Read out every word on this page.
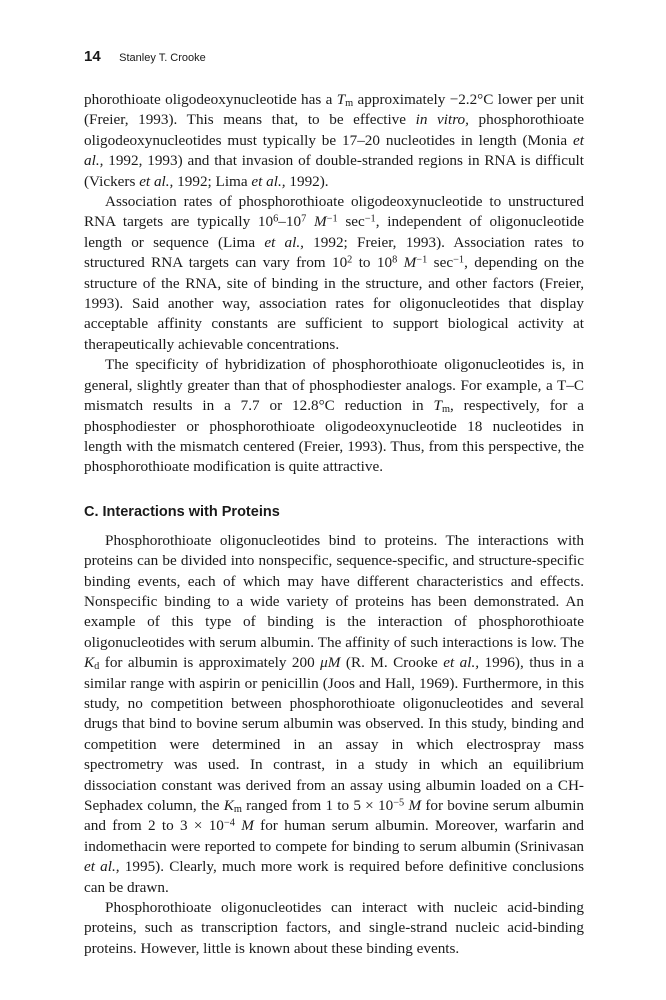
14 Stanley T. Crooke

phorothioate oligodeoxynucleotide has a $T_m$ approximately −2.2°C lower per unit (Freier, 1993). This means that, to be effective in vitro, phosphorothioate oligodeoxynucleotides must typically be 17–20 nucleotides in length (Monia et al., 1992, 1993) and that invasion of double-stranded regions in RNA is difficult (Vickers et al., 1992; Lima et al., 1992).

Association rates of phosphorothioate oligodeoxynucleotide to unstructured RNA targets are typically $10^6-10^7$ $M^{-1}$ $\sec^{-1}$, independent of oligonucleotide length or sequence (Lima et al., 1992; Freier, 1993). Association rates to structured RNA targets can vary from $10^2$ to $10^8$ $M^{-1}$ $\sec^{-1}$, depending on the structure of the RNA, site of binding in the structure, and other factors (Freier, 1993). Said another way, association rates for oligonucleotides that display acceptable affinity constants are sufficient to support biological activity at therapeutically achievable concentrations.

The specificity of hybridization of phosphorothioate oligonucleotides is, in general, slightly greater than that of phosphodiester analogs. For example, a T–C mismatch results in a 7.7 or 12.8°C reduction in $T_m$, respectively, for a phosphodiester or phosphorothioate oligodeoxynucleotide 18 nucleotides in length with the mismatch centered (Freier, 1993). Thus, from this perspective, the phosphorothioate modification is quite attractive.

C. Interactions with Proteins

Phosphorothioate oligonucleotides bind to proteins. The interactions with proteins can be divided into nonspecific, sequence-specific, and structure-specific binding events, each of which may have different characteristics and effects. Nonspecific binding to a wide variety of proteins has been demonstrated. An example of this type of binding is the interaction of phosphorothioate oligonucleotides with serum albumin. The affinity of such interactions is low. The $K_d$ for albumin is approximately 200 μM (R. M. Crooke et al., 1996), thus in a similar range with aspirin or penicillin (Joos and Hall, 1969). Furthermore, in this study, no competition between phosphorothioate oligonucleotides and several drugs that bind to bovine serum albumin was observed. In this study, binding and competition were determined in an assay in which electrospray mass spectrometry was used. In contrast, in a study in which an equilibrium dissociation constant was derived from an assay using albumin loaded on a CH-Sephadex column, the $K_m$ ranged from 1 to $5 \times 10^{-5}$ M for bovine serum albumin and from 2 to $3 \times 10^{-4}$ M for human serum albumin. Moreover, warfarin and indomethacin were reported to compete for binding to serum albumin (Srinivasan et al., 1995). Clearly, much more work is required before definitive conclusions can be drawn.

Phosphorothioate oligonucleotides can interact with nucleic acid-binding proteins, such as transcription factors, and single-strand nucleic acid-binding proteins. However, little is known about these binding events.
